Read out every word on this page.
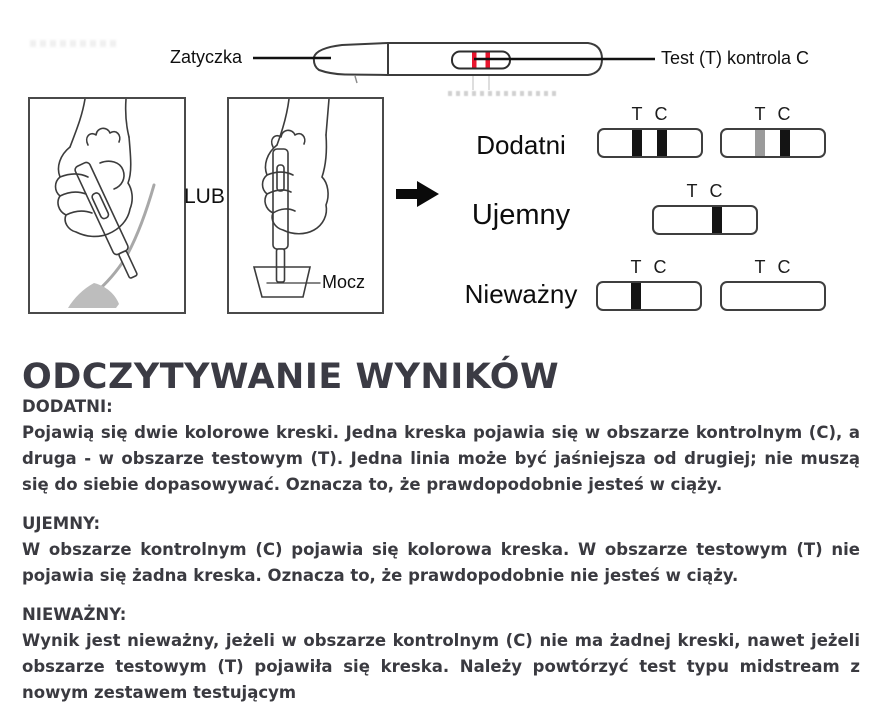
Zatyczka	Test (T) kontrola C
LUB
Mocz
Dodatni
Ujemny
Nieważny
T C	T C
T C
T C	T C
ODCZYTYWANIE WYNIKÓW
DODATNI:

Pojawią się dwie kolorowe kreski. Jedna kreska pojawia się w obszarze kontrolnym (C), a druga - w obszarze testowym (T). Jedna linia może być jaśniejsza od drugiej; nie muszą się do siebie dopasowywać. Oznacza to, że prawdopodobnie jesteś w ciąży.

UJEMNY:

W obszarze kontrolnym (C) pojawia się kolorowa kreska. W obszarze testowym (T) nie pojawia się żadna kreska. Oznacza to, że prawdopodobnie nie jesteś w ciąży.

NIEWAŻNY:

Wynik jest nieważny, jeżeli w obszarze kontrolnym (C) nie ma żadnej kreski, nawet jeżeli obszarze testowym (T) pojawiła się kreska. Należy powtórzyć test typu midstream z nowym zestawem testującym
